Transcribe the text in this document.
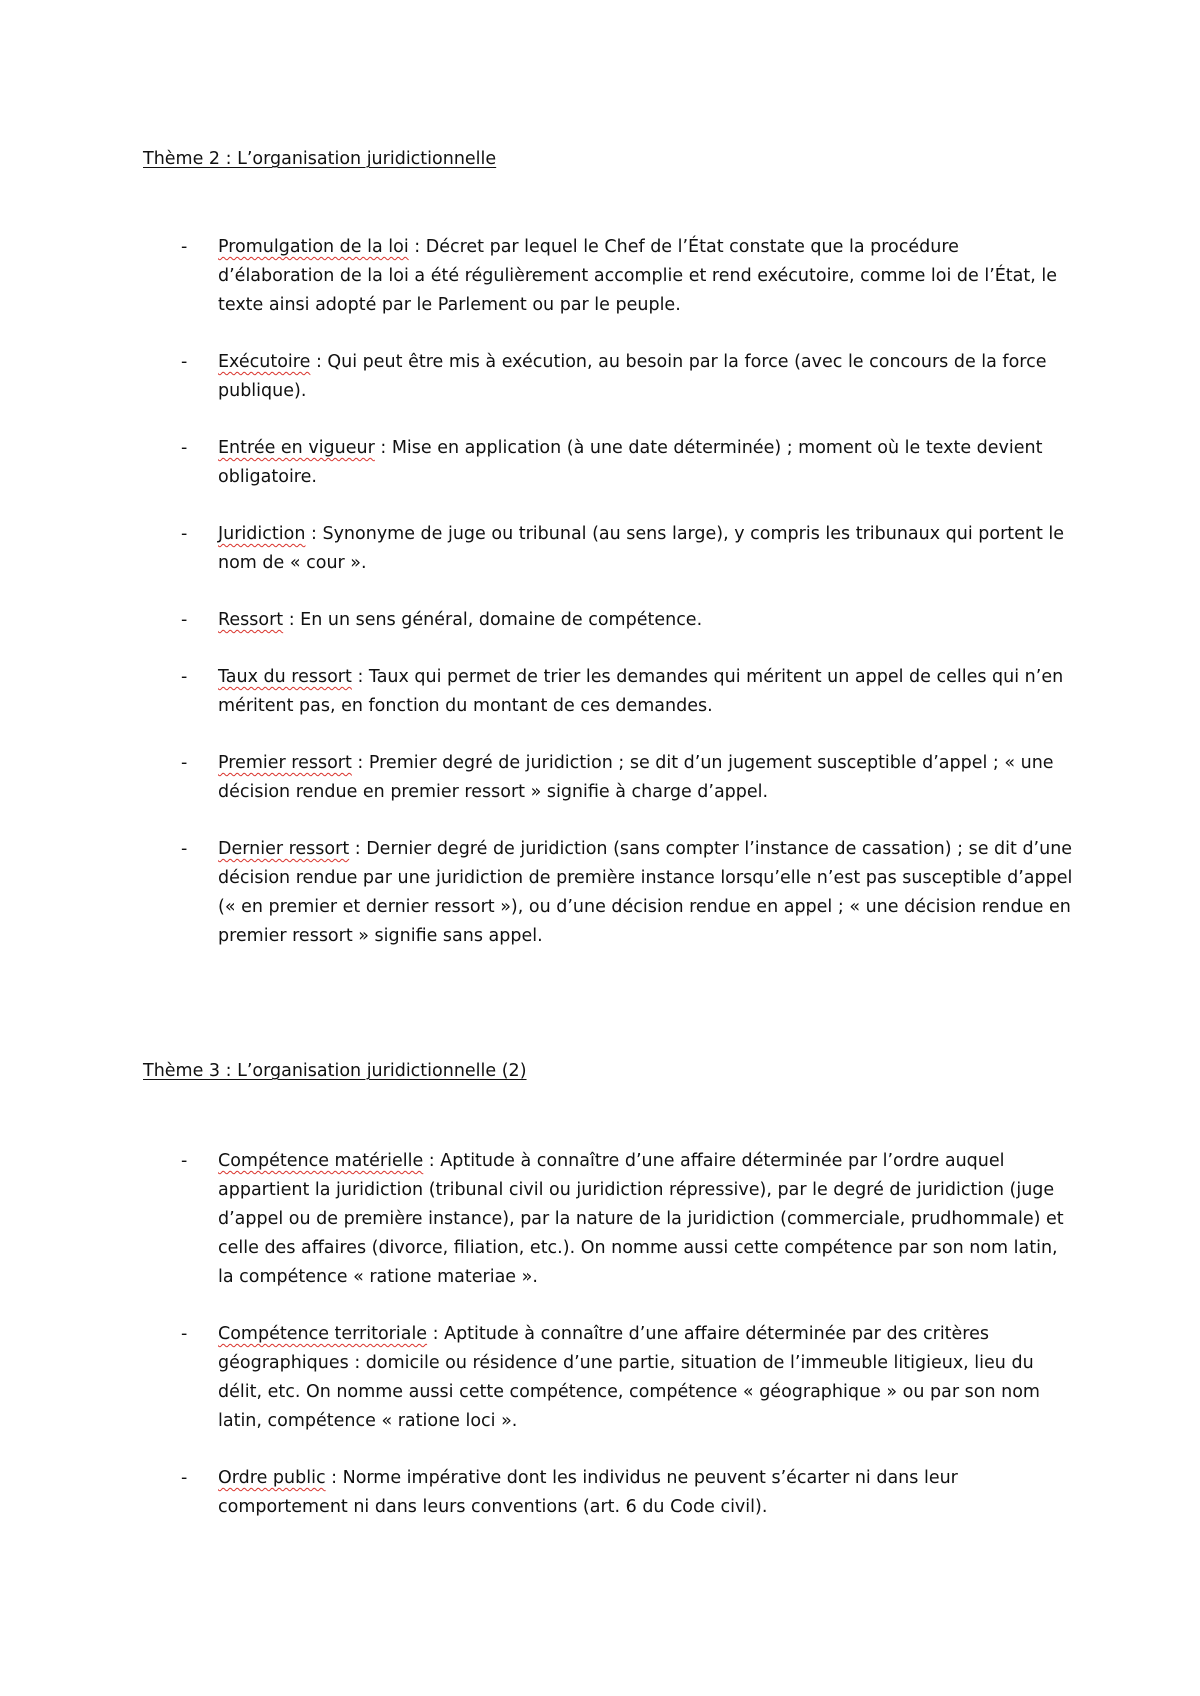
Thème 2 : L’organisation juridictionnelle
- Promulgation de la loi : Décret par lequel le Chef de l’État constate que la procédure d’élaboration de la loi a été régulièrement accomplie et rend exécutoire, comme loi de l’État, le texte ainsi adopté par le Parlement ou par le peuple.
- Exécutoire : Qui peut être mis à exécution, au besoin par la force (avec le concours de la force publique).
- Entrée en vigueur : Mise en application (à une date déterminée) ; moment où le texte devient obligatoire.
- Juridiction : Synonyme de juge ou tribunal (au sens large), y compris les tribunaux qui portent le nom de « cour ».
- Ressort : En un sens général, domaine de compétence.
- Taux du ressort : Taux qui permet de trier les demandes qui méritent un appel de celles qui n’en méritent pas, en fonction du montant de ces demandes.
- Premier ressort : Premier degré de juridiction ; se dit d’un jugement susceptible d’appel ; « une décision rendue en premier ressort » signifie à charge d’appel.
- Dernier ressort : Dernier degré de juridiction (sans compter l’instance de cassation) ; se dit d’une décision rendue par une juridiction de première instance lorsqu’elle n’est pas susceptible d’appel (« en premier et dernier ressort »), ou d’une décision rendue en appel ; « une décision rendue en premier ressort » signifie sans appel.
Thème 3 : L’organisation juridictionnelle (2)
- Compétence matérielle : Aptitude à connaître d’une affaire déterminée par l’ordre auquel appartient la juridiction (tribunal civil ou juridiction répressive), par le degré de juridiction (juge d’appel ou de première instance), par la nature de la juridiction (commerciale, prudhommale) et celle des affaires (divorce, filiation, etc.). On nomme aussi cette compétence par son nom latin, la compétence « ratione materiae ».
- Compétence territoriale : Aptitude à connaître d’une affaire déterminée par des critères géographiques : domicile ou résidence d’une partie, situation de l’immeuble litigieux, lieu du délit, etc. On nomme aussi cette compétence, compétence « géographique » ou par son nom latin, compétence « ratione loci ».
- Ordre public : Norme impérative dont les individus ne peuvent s’écarter ni dans leur comportement ni dans leurs conventions (art. 6 du Code civil).
